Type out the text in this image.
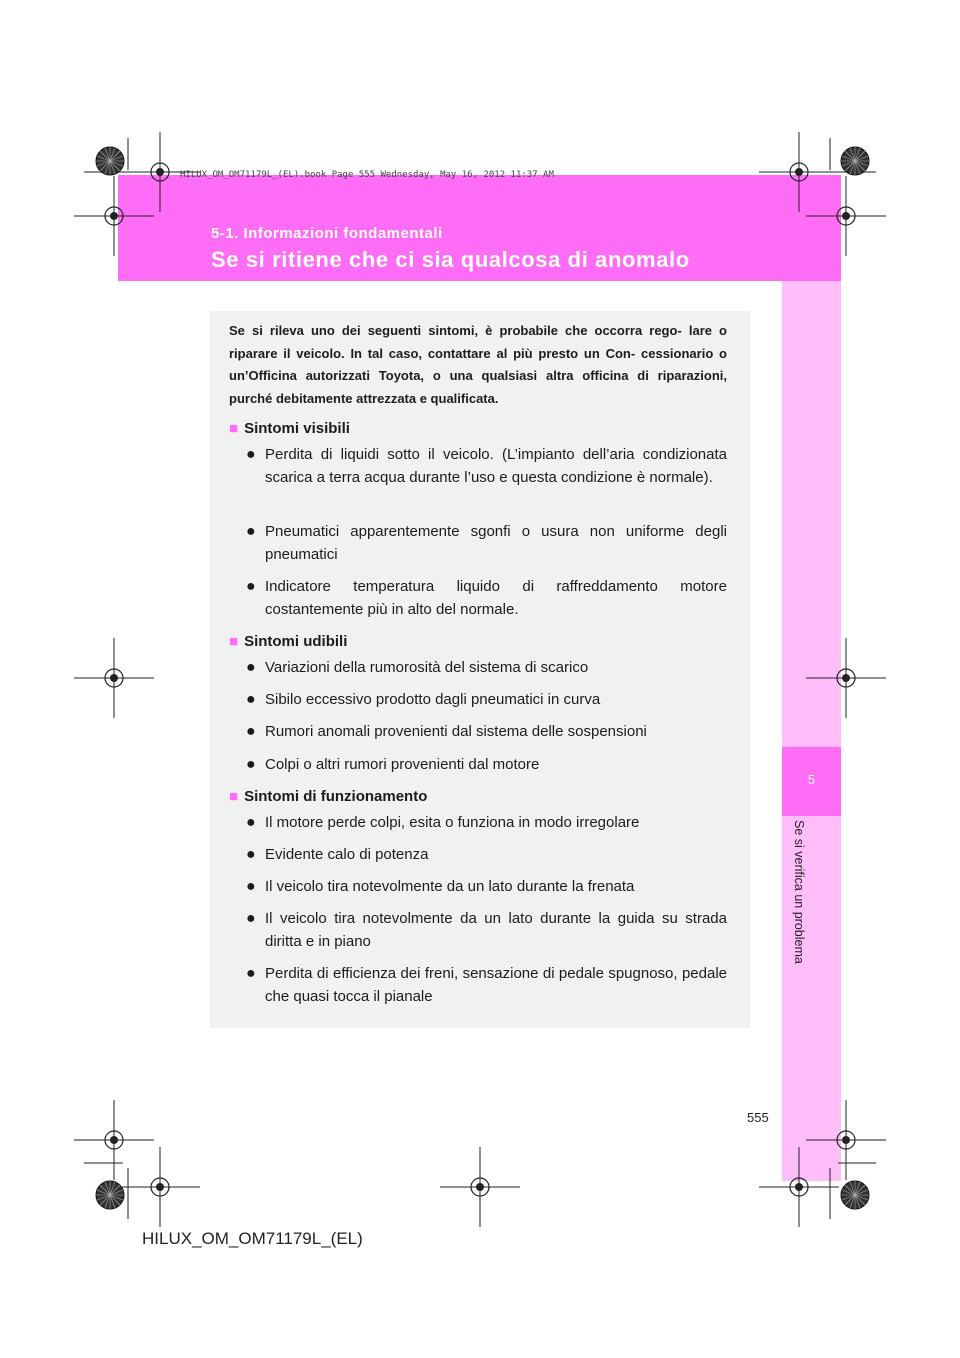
HILUX_OM_OM71179L_(EL).book Page 555 Wednesday, May 16, 2012 11:37 AM
5-1. Informazioni fondamentali
Se si ritiene che ci sia qualcosa di anomalo
5
Se si verifica un problema
Se si rileva uno dei seguenti sintomi, è probabile che occorra rego- lare o riparare il veicolo. In tal caso, contattare al più presto un Con- cessionario o un’Officina autorizzati Toyota, o una qualsiasi altra officina di riparazioni, purché debitamente attrezzata e qualificata.
■ Sintomi visibili
● Perdita di liquidi sotto il veicolo. (L’impianto dell’aria condizionata scarica a terra acqua durante l’uso e questa condizione è normale).
● Pneumatici apparentemente sgonfi o usura non uniforme degli pneumatici
● Indicatore temperatura liquido di raffreddamento motore costantemente più in alto del normale.
■ Sintomi udibili
● Variazioni della rumorosità del sistema di scarico
● Sibilo eccessivo prodotto dagli pneumatici in curva
● Rumori anomali provenienti dal sistema delle sospensioni
● Colpi o altri rumori provenienti dal motore
■ Sintomi di funzionamento
● Il motore perde colpi, esita o funziona in modo irregolare
● Evidente calo di potenza
● Il veicolo tira notevolmente da un lato durante la frenata
● Il veicolo tira notevolmente da un lato durante la guida su strada diritta e in piano
● Perdita di efficienza dei freni, sensazione di pedale spugnoso, pedale che quasi tocca il pianale
555
HILUX_OM_OM71179L_(EL)
